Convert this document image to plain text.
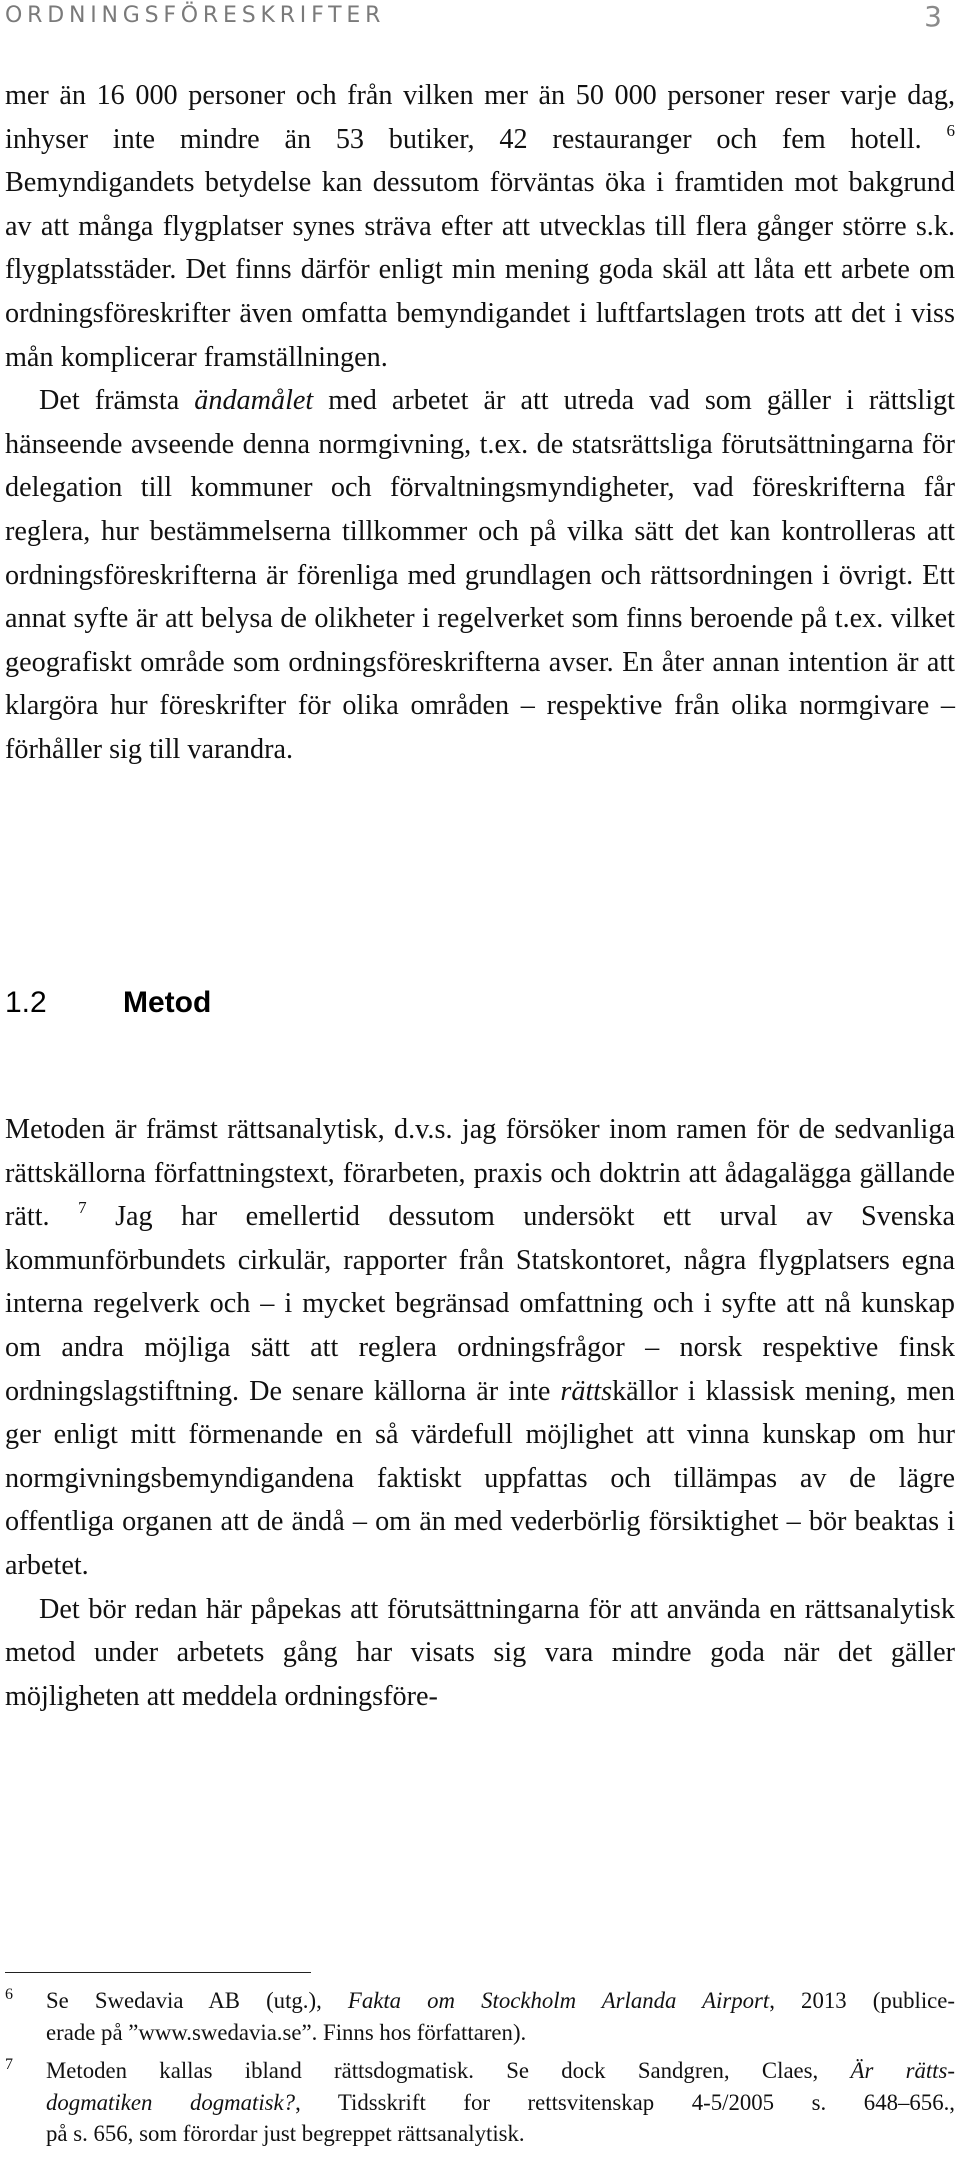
ORDNINGSFÖRESKRIFTER	3

mer än 16 000 personer och från vilken mer än 50 000 personer reser varje dag, inhyser inte mindre än 53 butiker, 42 restauranger och fem hotell. $^6$ Bemyndigandets betydelse kan dessutom förväntas öka i framtiden mot bakgrund av att många flygplatser synes sträva efter att utvecklas till flera gånger större s.k. flygplatsstäder. Det finns därför enligt min mening goda skäl att låta ett arbete om ordningsföreskrifter även omfatta bemyndigandet i luftfartslagen trots att det i viss mån komplicerar framställningen.

Det främsta ändamålet med arbetet är att utreda vad som gäller i rättsligt hänseende avseende denna normgivning, t.ex. de statsrättsliga förutsättningarna för delegation till kommuner och förvaltningsmyndigheter, vad föreskrifterna får reglera, hur bestämmelserna tillkommer och på vilka sätt det kan kontrolleras att ordningsföreskrifterna är förenliga med grundlagen och rättsordningen i övrigt. Ett annat syfte är att belysa de olikheter i regelverket som finns beroende på t.ex. vilket geografiskt område som ordningsföreskrifterna avser. En åter annan intention är att klargöra hur föreskrifter för olika områden – respektive från olika normgivare – förhåller sig till varandra.

1.2	Metod

Metoden är främst rättsanalytisk, d.v.s. jag försöker inom ramen för de sedvanliga rättskällorna författningstext, förarbeten, praxis och doktrin att ådagalägga gällande rätt. $^7$ Jag har emellertid dessutom undersökt ett urval av Svenska kommunförbundets cirkulär, rapporter från Statskontoret, några flygplatsers egna interna regelverk och – i mycket begränsad omfattning och i syfte att nå kunskap om andra möjliga sätt att reglera ordningsfrågor – norsk respektive finsk ordningslagstiftning. De senare källorna är inte rättskällor i klassisk mening, men ger enligt mitt förmenande en så värdefull möjlighet att vinna kunskap om hur normgivningsbemyndigandena faktiskt uppfattas och tillämpas av de lägre offentliga organen att de ändå – om än med vederbörlig försiktighet – bör beaktas i arbetet.

Det bör redan här påpekas att förutsättningarna för att använda en rättsanalytisk metod under arbetets gång har visats sig vara mindre goda när det gäller möjligheten att meddela ordningsföre-

6 Se Swedavia AB (utg.), Fakta om Stockholm Arlanda Airport, 2013 (publice-
erade på ”www.swedavia.se”. Finns hos författaren).
7 Metoden kallas ibland rättsdogmatisk. Se dock Sandgren, Claes, Är rätts-
dogmatiken dogmatisk?, Tidsskrift for rettsvitenskap 4-5/2005 s. 648–656.,
på s. 656, som förordar just begreppet rättsanalytisk.
